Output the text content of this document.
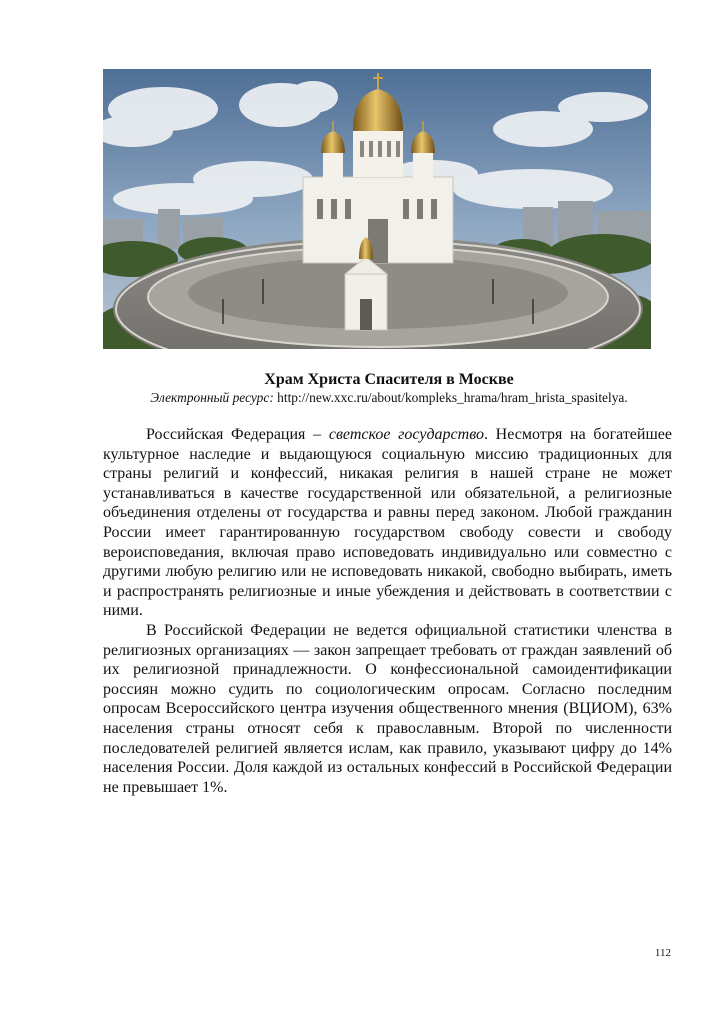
Храм Христа Спасителя в Москве
Электронный ресурс: http://new.xxc.ru/about/kompleks_hrama/hram_hrista_spasitelya.

Российская Федерация – светское государство. Несмотря на богатейшее культурное наследие и выдающуюся социальную миссию традиционных для страны религий и конфессий, никакая религия в нашей стране не может устанавливаться в качестве государственной или обязательной, а религиозные объединения отделены от государства и равны перед законом. Любой гражданин России имеет гарантированную государством свободу совести и свободу вероисповедания, включая право исповедовать индивидуально или совместно с другими любую религию или не исповедовать никакой, свободно выбирать, иметь и распространять религиозные и иные убеждения и действовать в соответствии с ними.

В Российской Федерации не ведется официальной статистики членства в религиозных организациях — закон запрещает требовать от граждан заявлений об их религиозной принадлежности. О конфессиональной самоидентификации россиян можно судить по социологическим опросам. Согласно последним опросам Всероссийского центра изучения общественного мнения (ВЦИОМ), 63% населения страны относят себя к православным. Второй по численности последователей религией является ислам, как правило, указывают цифру до 14% населения России. Доля каждой из остальных конфессий в Российской Федерации не превышает 1%.

112
